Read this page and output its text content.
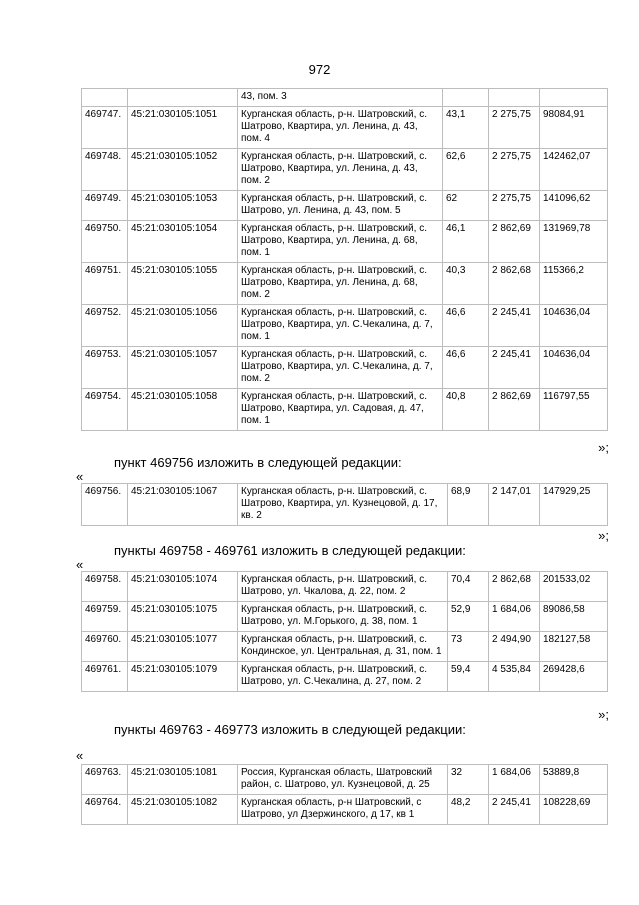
972
		43, пом. 3			
469747.	45:21:030105:1051	Курганская область, р-н. Шатровский, с. Шатрово, Квартира, ул. Ленина, д. 43, пом. 4	43,1	2 275,75	98084,91
469748.	45:21:030105:1052	Курганская область, р-н. Шатровский, с. Шатрово, Квартира, ул. Ленина, д. 43, пом. 2	62,6	2 275,75	142462,07
469749.	45:21:030105:1053	Курганская область, р-н. Шатровский, с. Шатрово, ул. Ленина, д. 43, пом. 5	62	2 275,75	141096,62
469750.	45:21:030105:1054	Курганская область, р-н. Шатровский, с. Шатрово, Квартира, ул. Ленина, д. 68, пом. 1	46,1	2 862,69	131969,78
469751.	45:21:030105:1055	Курганская область, р-н. Шатровский, с. Шатрово, Квартира, ул. Ленина, д. 68, пом. 2	40,3	2 862,68	115366,2
469752.	45:21:030105:1056	Курганская область, р-н. Шатровский, с. Шатрово, Квартира, ул. С.Чекалина, д. 7, пом. 1	46,6	2 245,41	104636,04
469753.	45:21:030105:1057	Курганская область, р-н. Шатровский, с. Шатрово, Квартира, ул. С.Чекалина, д. 7, пом. 2	46,6	2 245,41	104636,04
469754.	45:21:030105:1058	Курганская область, р-н. Шатровский, с. Шатрово, Квартира, ул. Садовая, д. 47, пом. 1	40,8	2 862,69	116797,55
»;
пункт 469756 изложить в следующей редакции:
«
469756.	45:21:030105:1067	Курганская область, р-н. Шатровский, с. Шатрово, Квартира, ул. Кузнецовой, д. 17, кв. 2	68,9	2 147,01	147929,25
»;
пункты 469758 - 469761 изложить в следующей редакции:
«
469758.	45:21:030105:1074	Курганская область, р-н. Шатровский, с. Шатрово, ул. Чкалова, д. 22, пом. 2	70,4	2 862,68	201533,02
469759.	45:21:030105:1075	Курганская область, р-н. Шатровский, с. Шатрово, ул. М.Горького, д. 38, пом. 1	52,9	1 684,06	89086,58
469760.	45:21:030105:1077	Курганская область, р-н. Шатровский, с. Кондинское, ул. Центральная, д. 31, пом. 1	73	2 494,90	182127,58
469761.	45:21:030105:1079	Курганская область, р-н. Шатровский, с. Шатрово, ул. С.Чекалина, д. 27, пом. 2	59,4	4 535,84	269428,6
»;
пункты 469763 - 469773 изложить в следующей редакции:
«
469763.	45:21:030105:1081	Россия, Курганская область, Шатровский район, с. Шатрово, ул. Кузнецовой, д. 25	32	1 684,06	53889,8
469764.	45:21:030105:1082	Курганская область, р-н Шатровский, с Шатрово, ул Дзержинского, д 17, кв 1	48,2	2 245,41	108228,69
